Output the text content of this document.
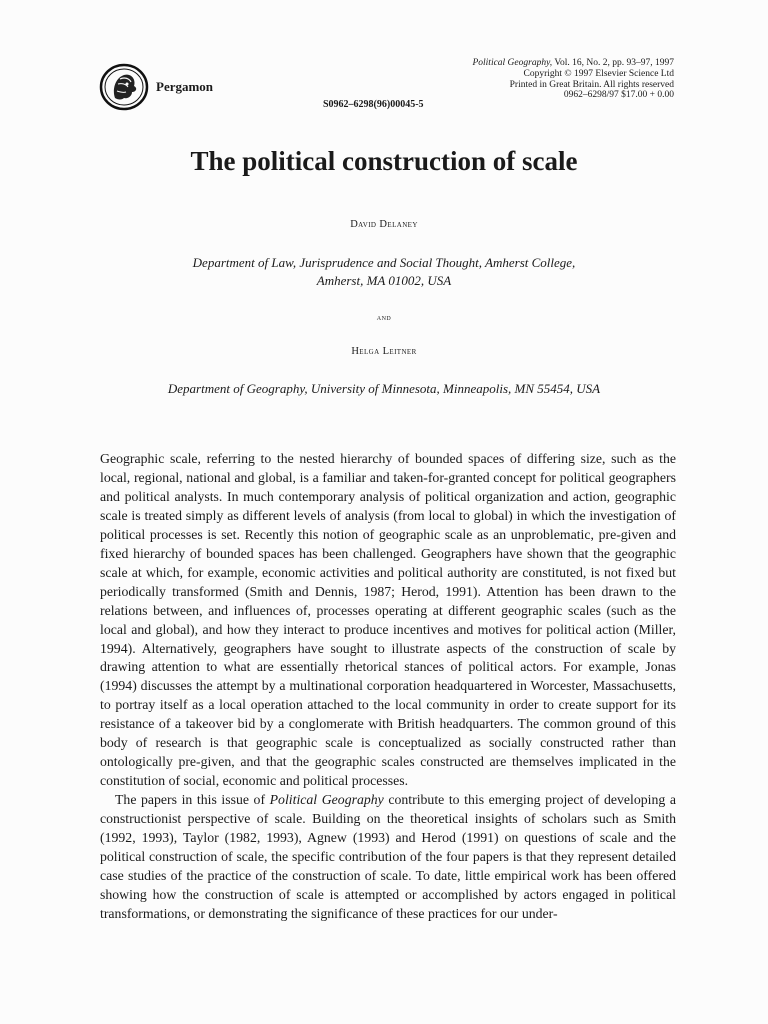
Pergamon
Political Geography, Vol. 16, No. 2, pp. 93–97, 1997
Copyright © 1997 Elsevier Science Ltd
Printed in Great Britain. All rights reserved
0962–6298/97 $17.00 + 0.00
S0962–6298(96)00045-5
The political construction of scale
David Delaney
Department of Law, Jurisprudence and Social Thought, Amherst College,
Amherst, MA 01002, USA
and
Helga Leitner
Department of Geography, University of Minnesota, Minneapolis, MN 55454, USA

Geographic scale, referring to the nested hierarchy of bounded spaces of differing size, such as the local, regional, national and global, is a familiar and taken-for-granted concept for political geographers and political analysts. In much contemporary analysis of political organization and action, geographic scale is treated simply as different levels of analysis (from local to global) in which the investigation of political processes is set. Recently this notion of geographic scale as an unproblematic, pre-given and fixed hierarchy of bounded spaces has been challenged. Geographers have shown that the geographic scale at which, for example, economic activities and political authority are constituted, is not fixed but periodically transformed (Smith and Dennis, 1987; Herod, 1991). Attention has been drawn to the relations between, and influences of, processes operating at different geographic scales (such as the local and global), and how they interact to produce incentives and motives for political action (Miller, 1994). Alternatively, geographers have sought to illustrate aspects of the construction of scale by drawing attention to what are essentially rhetorical stances of political actors. For example, Jonas (1994) discusses the attempt by a multinational corporation headquartered in Worcester, Massachusetts, to portray itself as a local operation attached to the local community in order to create support for its resistance of a takeover bid by a conglomerate with British headquarters. The common ground of this body of research is that geographic scale is conceptualized as socially constructed rather than ontologically pre-given, and that the geographic scales constructed are themselves implicated in the constitution of social, economic and political processes.

The papers in this issue of Political Geography contribute to this emerging project of developing a constructionist perspective of scale. Building on the theoretical insights of scholars such as Smith (1992, 1993), Taylor (1982, 1993), Agnew (1993) and Herod (1991) on questions of scale and the political construction of scale, the specific contribution of the four papers is that they represent detailed case studies of the practice of the construction of scale. To date, little empirical work has been offered showing how the construction of scale is attempted or accomplished by actors engaged in political transformations, or demonstrating the significance of these practices for our under-
